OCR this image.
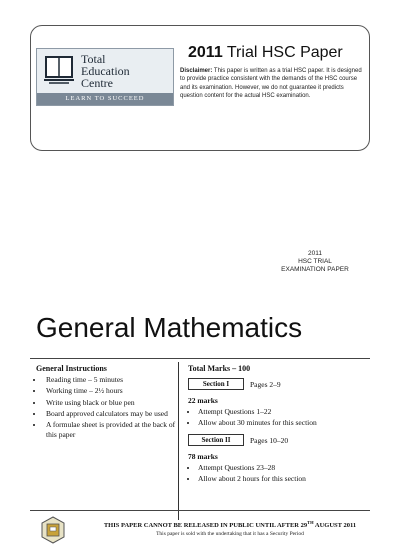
Total
Education
Centre
LEARN TO SUCCEED
2011 Trial HSC Paper
Disclaimer: This paper is written as a trial HSC paper. It is designed to provide practice consistent with the demands of the HSC course and its examination. However, we do not guarantee it predicts question content for the actual HSC examination.
2011
HSC TRIAL
EXAMINATION PAPER
General Mathematics
General Instructions
• Reading time – 5 minutes
• Working time – 2½ hours
• Write using black or blue pen
• Board approved calculators may be used
• A formulae sheet is provided at the back of this paper
Total Marks – 100
Section I	Pages 2–9
22 marks
• Attempt Questions 1–22
• Allow about 30 minutes for this section
Section II	Pages 10–20
78 marks
• Attempt Questions 23–28
• Allow about 2 hours for this section
THIS PAPER CANNOT BE RELEASED IN PUBLIC UNTIL AFTER 29TH AUGUST 2011
This paper is sold with the undertaking that it has a Security Period
